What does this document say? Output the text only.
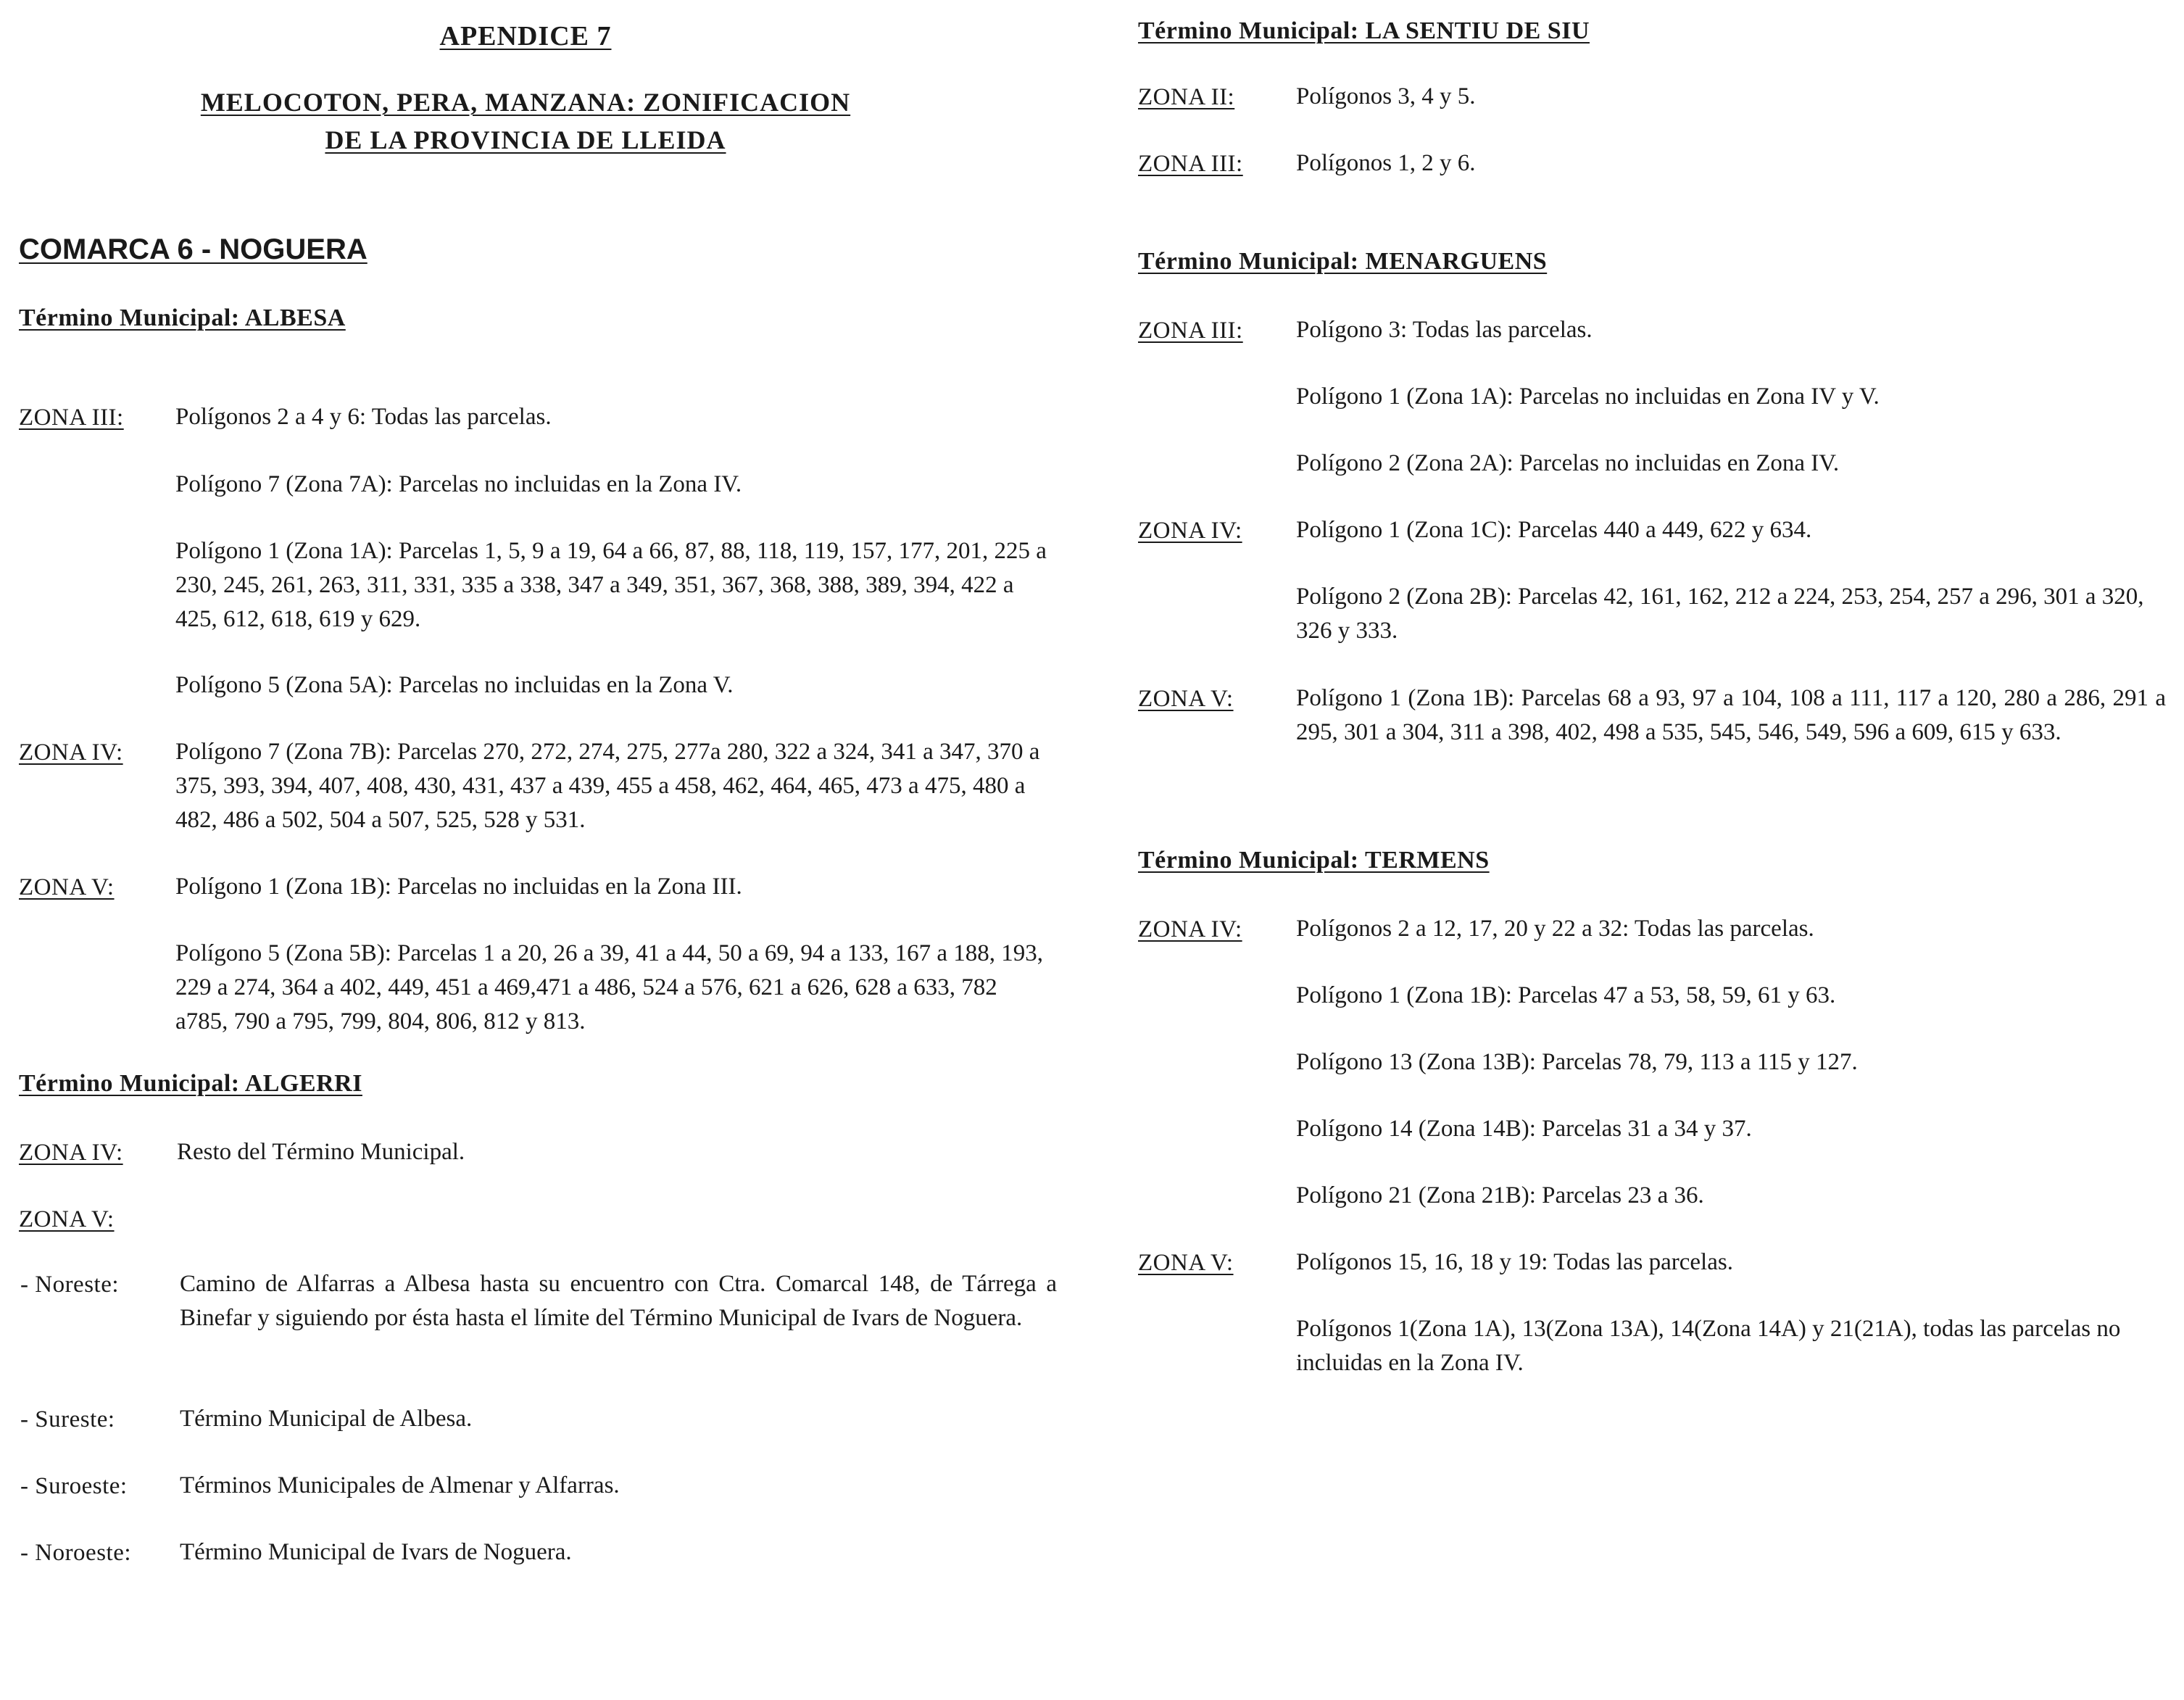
APENDICE 7
MELOCOTON, PERA, MANZANA: ZONIFICACION
DE LA PROVINCIA DE LLEIDA
COMARCA 6 - NOGUERA
Término Municipal: ALBESA
ZONA III: Polígonos 2 a 4 y 6: Todas las parcelas.
Polígono 7 (Zona 7A): Parcelas no incluidas en la Zona IV.
Polígono 1 (Zona 1A): Parcelas 1, 5, 9 a 19, 64 a 66, 87, 88, 118, 119, 157, 177, 201, 225 a 230, 245, 261, 263, 311, 331, 335 a 338, 347 a 349, 351, 367, 368, 388, 389, 394, 422 a 425, 612, 618, 619 y 629.
Polígono 5 (Zona 5A): Parcelas no incluidas en la Zona V.
ZONA IV: Polígono 7 (Zona 7B): Parcelas 270, 272, 274, 275, 277a 280, 322 a 324, 341 a 347, 370 a 375, 393, 394, 407, 408, 430, 431, 437 a 439, 455 a 458, 462, 464, 465, 473 a 475, 480 a 482, 486 a 502, 504 a 507, 525, 528 y 531.
ZONA V:	Polígono 1 (Zona 1B): Parcelas no incluidas en la Zona III.
Polígono 5 (Zona 5B): Parcelas 1 a 20, 26 a 39, 41 a 44, 50 a 69, 94 a 133, 167 a 188, 193, 229 a 274, 364 a 402, 449, 451 a 469,471 a 486, 524 a 576, 621 a 626, 628 a 633, 782 a785, 790 a 795, 799, 804, 806, 812 y 813.
Término Municipal: ALGERRI
ZONA IV: Resto del Término Municipal.
ZONA V:
- Noreste:	Camino de Alfarras a Albesa hasta su encuentro con Ctra. Comarcal 148, de Tárrega a Binefar y siguiendo por ésta hasta el límite del Término Municipal de Ivars de Noguera.
- Sureste:	Término Municipal de Albesa.
- Suroeste: Términos Municipales de Almenar y Alfarras.
- Noroeste: Término Municipal de Ivars de Noguera.
Término Municipal: LA SENTIU DE SIU
ZONA II:	Polígonos 3, 4 y 5.
ZONA III: Polígonos 1, 2 y 6.
Término Municipal: MENARGUENS
ZONA III: Polígono 3: Todas las parcelas.
Polígono 1 (Zona 1A): Parcelas no incluidas en Zona IV y V.
Polígono 2 (Zona 2A): Parcelas no incluidas en Zona IV.
ZONA IV: Polígono 1 (Zona 1C): Parcelas 440 a 449, 622 y 634.
Polígono 2 (Zona 2B): Parcelas 42, 161, 162, 212 a 224, 253, 254, 257 a 296, 301 a 320, 326 y 333.
ZONA V:	Polígono 1 (Zona 1B): Parcelas 68 a 93, 97 a 104, 108 a 111, 117 a 120, 280 a 286, 291 a 295, 301 a 304, 311 a 398, 402, 498 a 535, 545, 546, 549, 596 a 609, 615 y 633.
Término Municipal: TERMENS
ZONA IV: Polígonos 2 a 12, 17, 20 y 22 a 32: Todas las parcelas.
Polígono 1 (Zona 1B): Parcelas 47 a 53, 58, 59, 61 y 63.
Polígono 13 (Zona 13B): Parcelas 78, 79, 113 a 115 y 127.
Polígono 14 (Zona 14B): Parcelas 31 a 34 y 37.
Polígono 21 (Zona 21B): Parcelas 23 a 36.
ZONA V:	Polígonos 15, 16, 18 y 19: Todas las parcelas.
Polígonos 1(Zona 1A), 13(Zona 13A), 14(Zona 14A) y 21(21A), todas las parcelas no incluidas en la Zona IV.
